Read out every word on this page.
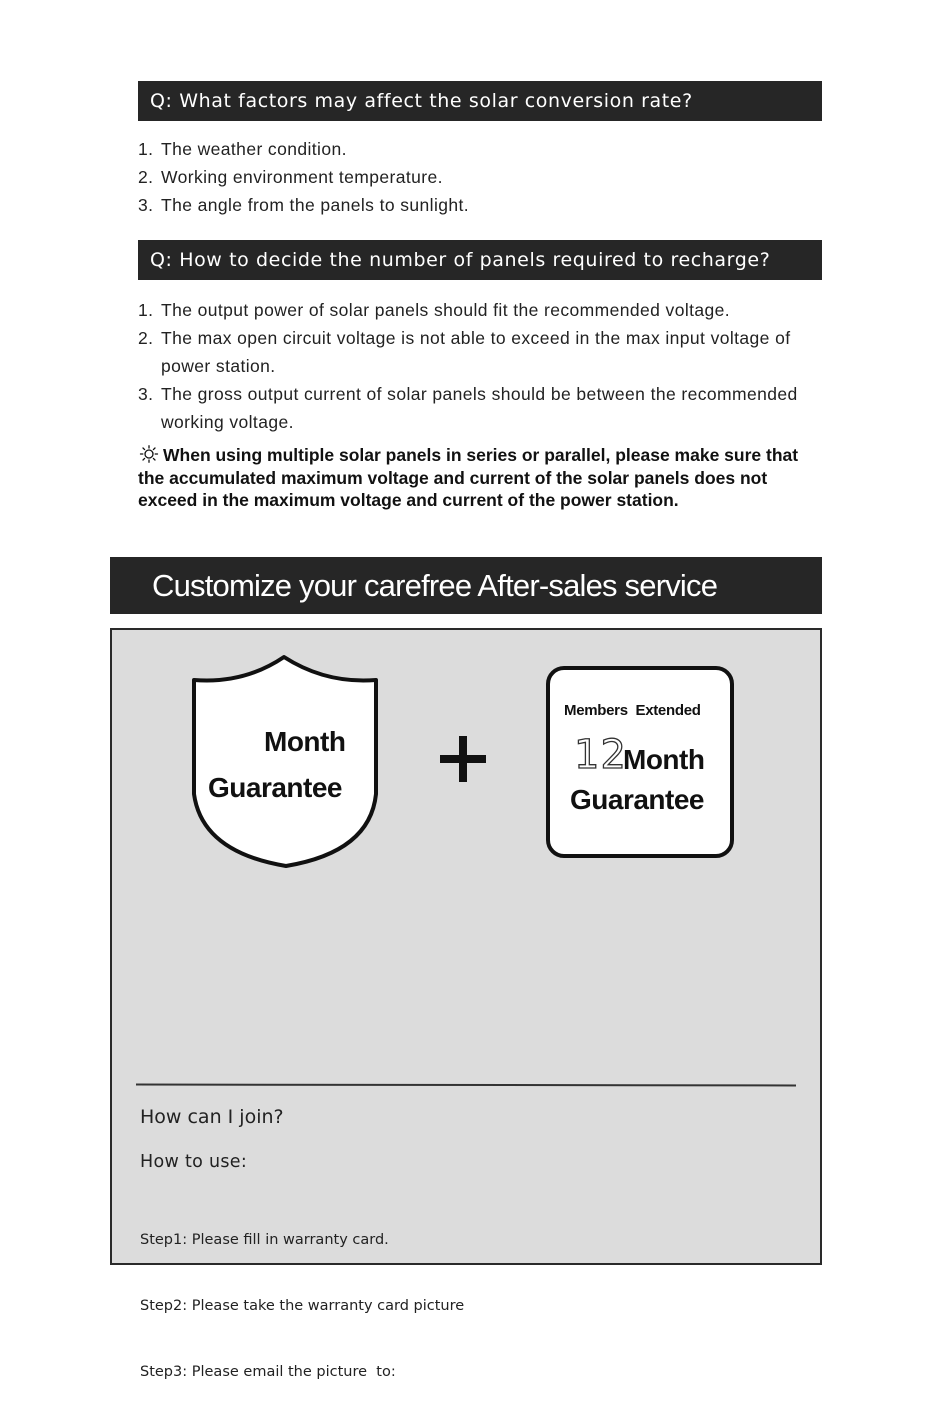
Q: What factors may affect the solar conversion rate?
1. The weather condition.
2. Working environment temperature.
3. The angle from the panels to sunlight.
Q: How to decide the number of panels required to recharge?
1. The output power of solar panels should fit the recommended voltage.
2. The max open circuit voltage is not able to exceed in the max input voltage of power station.
3. The gross output current of solar panels should be between the recommended working voltage.
When using multiple solar panels in series or parallel, please make sure that the accumulated maximum voltage and current of the solar panels does not exceed in the maximum voltage and current of the power station.
Customize your carefree After-sales service
Month
Guarantee
Members  Extended
12
Month
Guarantee
How can I join?
How to use:

Step1: Please fill in warranty card.

Step2: Please take the warranty card picture

Step3: Please email the picture  to:
